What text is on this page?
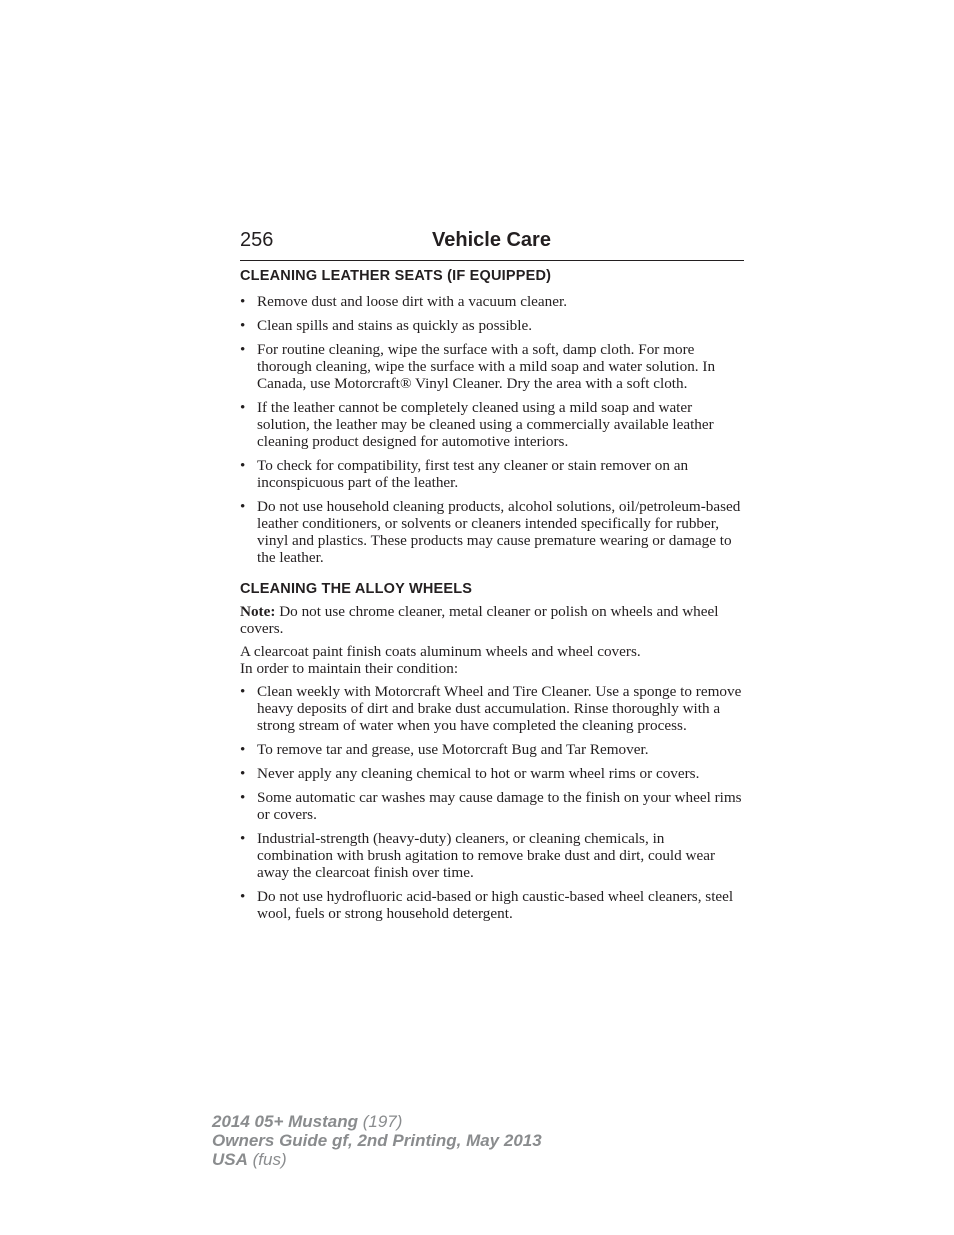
256	Vehicle Care
CLEANING LEATHER SEATS (IF EQUIPPED)
• Remove dust and loose dirt with a vacuum cleaner.
• Clean spills and stains as quickly as possible.
• For routine cleaning, wipe the surface with a soft, damp cloth. For more thorough cleaning, wipe the surface with a mild soap and water solution. In Canada, use Motorcraft® Vinyl Cleaner. Dry the area with a soft cloth.
• If the leather cannot be completely cleaned using a mild soap and water solution, the leather may be cleaned using a commercially available leather cleaning product designed for automotive interiors.
• To check for compatibility, first test any cleaner or stain remover on an inconspicuous part of the leather.
• Do not use household cleaning products, alcohol solutions, oil/petroleum-based leather conditioners, or solvents or cleaners intended specifically for rubber, vinyl and plastics. These products may cause premature wearing or damage to the leather.
CLEANING THE ALLOY WHEELS

Note: Do not use chrome cleaner, metal cleaner or polish on wheels and wheel covers.

A clearcoat paint finish coats aluminum wheels and wheel covers.
In order to maintain their condition:

• Clean weekly with Motorcraft Wheel and Tire Cleaner. Use a sponge to remove heavy deposits of dirt and brake dust accumulation. Rinse thoroughly with a strong stream of water when you have completed the cleaning process.
• To remove tar and grease, use Motorcraft Bug and Tar Remover.
• Never apply any cleaning chemical to hot or warm wheel rims or covers.
• Some automatic car washes may cause damage to the finish on your wheel rims or covers.
• Industrial-strength (heavy-duty) cleaners, or cleaning chemicals, in combination with brush agitation to remove brake dust and dirt, could wear away the clearcoat finish over time.
• Do not use hydrofluoric acid-based or high caustic-based wheel cleaners, steel wool, fuels or strong household detergent.
2014 05+ Mustang (197)
Owners Guide gf, 2nd Printing, May 2013
USA (fus)
